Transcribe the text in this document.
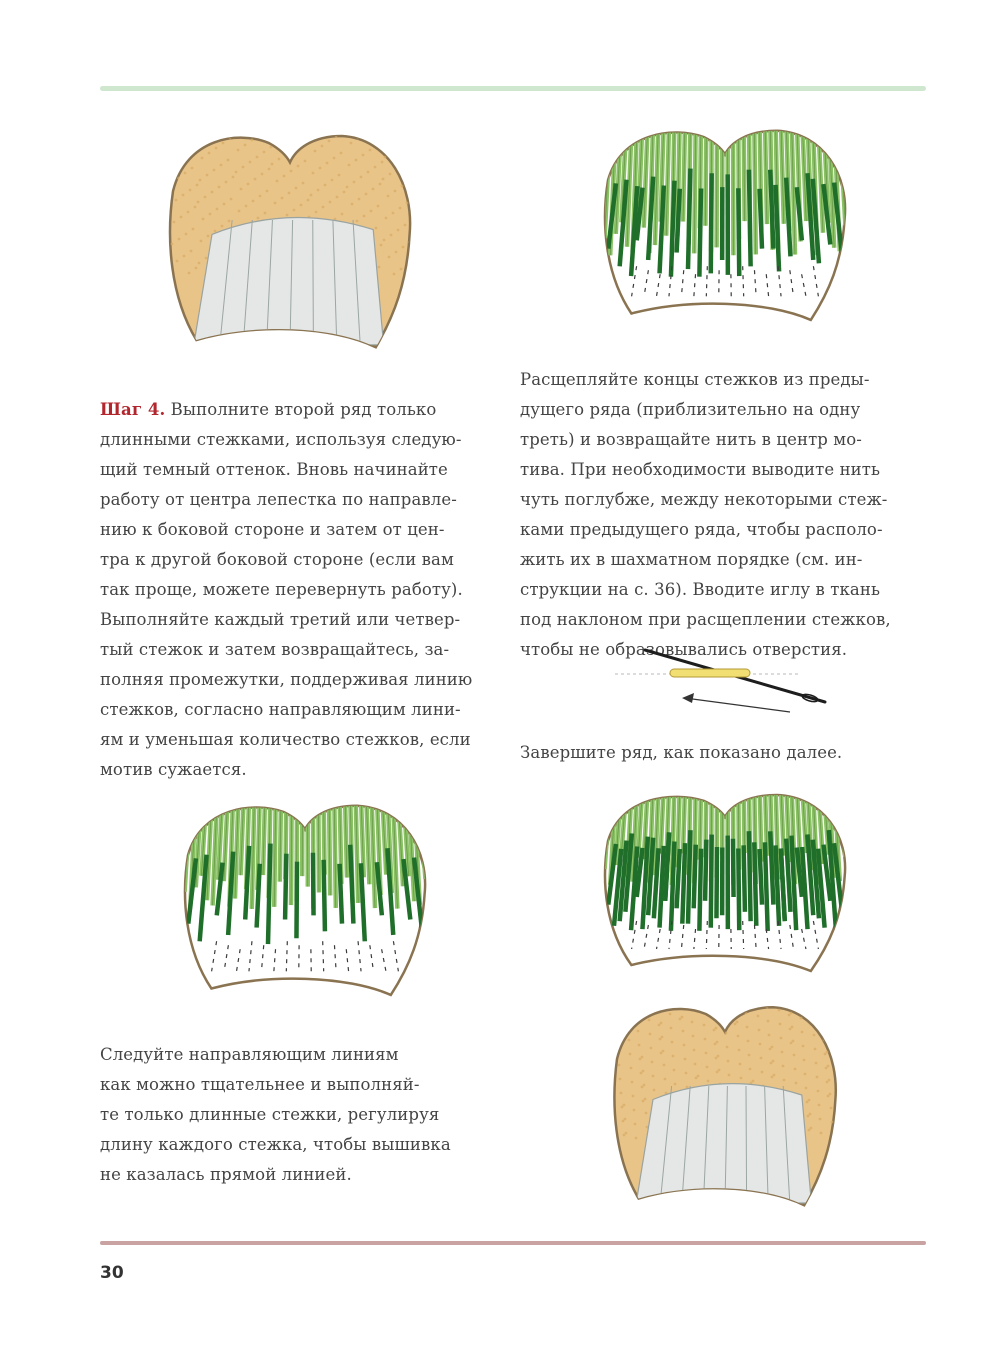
Шаг 4. Выполните второй ряд только
длинными стежками, используя следую-
щий темный оттенок. Вновь начинайте
работу от центра лепестка по направле-
нию к боковой стороне и затем от цен-
тра к другой боковой стороне (если вам
так проще, можете перевернуть работу).
Выполняйте каждый третий или четвер-
тый стежок и затем возвращайтесь, за-
полняя промежутки, поддерживая линию
стежков, согласно направляющим лини-
ям и уменьшая количество стежков, если
мотив сужается.

Расщепляйте концы стежков из преды-
дущего ряда (приблизительно на одну
треть) и возвращайте нить в центр мо-
тива. При необходимости выводите нить
чуть поглубже, между некоторыми стеж-
ками предыдущего ряда, чтобы располо-
жить их в шахматном порядке (см. ин-
струкции на с. 36). Вводите иглу в ткань
под наклоном при расщеплении стежков,
чтобы не образовывались отверстия.

Завершите ряд, как показано далее.

Следуйте направляющим линиям
как можно тщательнее и выполняй-
те только длинные стежки, регулируя
длину каждого стежка, чтобы вышивка
не казалась прямой линией.

30
